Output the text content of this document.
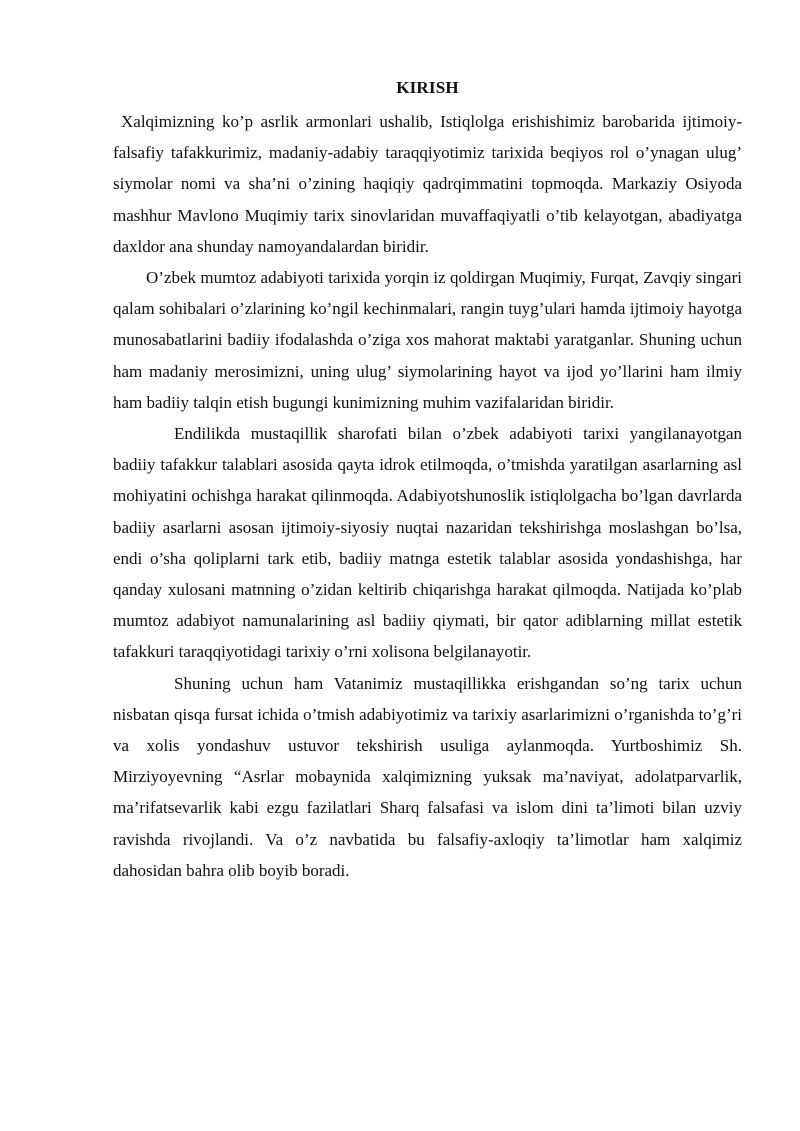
KIRISH

Xalqimizning ko’p asrlik armonlari ushalib, Istiqlolga erishishimiz barobarida ijtimoiy-falsafiy tafakkurimiz, madaniy-adabiy taraqqiyotimiz tarixida beqiyos rol o’ynagan ulug’ siymolar nomi va sha’ni o’zining haqiqiy qadrqimmatini topmoqda. Markaziy Osiyoda mashhur Mavlono Muqimiy tarix sinovlaridan muvaffaqiyatli o’tib kelayotgan, abadiyatga daxldor ana shunday namoyandalardan biridir.

O’zbek mumtoz adabiyoti tarixida yorqin iz qoldirgan Muqimiy, Furqat, Zavqiy singari qalam sohibalari o’zlarining ko’ngil kechinmalari, rangin tuyg’ulari hamda ijtimoiy hayotga munosabatlarini badiiy ifodalashda o’ziga xos mahorat maktabi yaratganlar. Shuning uchun ham madaniy merosimizni, uning ulug’ siymolarining hayot va ijod yo’llarini ham ilmiy ham badiiy talqin etish bugungi kunimizning muhim vazifalaridan biridir.

Endilikda mustaqillik sharofati bilan o’zbek adabiyoti tarixi yangilanayotgan badiiy tafakkur talablari asosida qayta idrok etilmoqda, o’tmishda yaratilgan asarlarning asl mohiyatini ochishga harakat qilinmoqda. Adabiyotshunoslik istiqlolgacha bo’lgan davrlarda badiiy asarlarni asosan ijtimoiy-siyosiy nuqtai nazaridan tekshirishga moslashgan bo’lsa, endi o’sha qoliplarni tark etib, badiiy matnga estetik talablar asosida yondashishga, har qanday xulosani matnning o’zidan keltirib chiqarishga harakat qilmoqda. Natijada ko’plab mumtoz adabiyot namunalarining asl badiiy qiymati, bir qator adiblarning millat estetik tafakkuri taraqqiyotidagi tarixiy o’rni xolisona belgilanayotir.

Shuning uchun ham Vatanimiz mustaqillikka erishgandan so’ng tarix uchun nisbatan qisqa fursat ichida o’tmish adabiyotimiz va tarixiy asarlarimizni o’rganishda to’g’ri va xolis yondashuv ustuvor tekshirish usuliga aylanmoqda. Yurtboshimiz Sh. Mirziyoyevning “Asrlar mobaynida xalqimizning yuksak ma’naviyat, adolatparvarlik, ma’rifatsevarlik kabi ezgu fazilatlari Sharq falsafasi va islom dini ta’limoti bilan uzviy ravishda rivojlandi. Va o’z navbatida bu falsafiy-axloqiy ta’limotlar ham xalqimiz dahosidan bahra olib boyib boradi.
